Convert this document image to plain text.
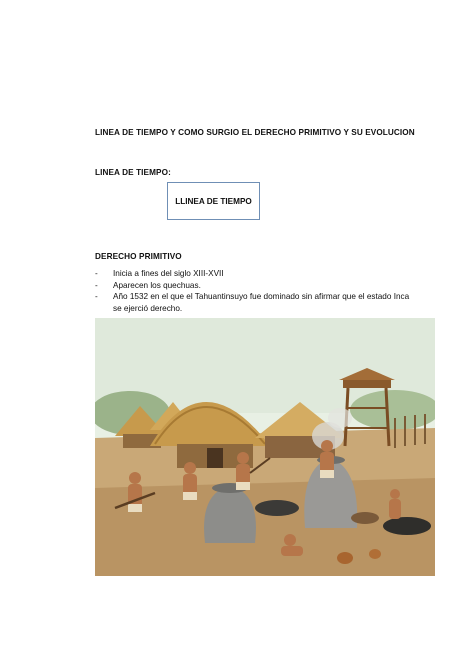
LINEA DE TIEMPO Y COMO SURGIO EL DERECHO PRIMITIVO Y SU EVOLUCION
LINEA DE TIEMPO:
LLINEA DE TIEMPO
DERECHO PRIMITIVO
- Inicia a fines del siglo XIII-XVII
- Aparecen los quechuas.
- Año 1532 en el que el Tahuantinsuyo fue dominado sin afirmar que el estado Inca se ejerció derecho.
